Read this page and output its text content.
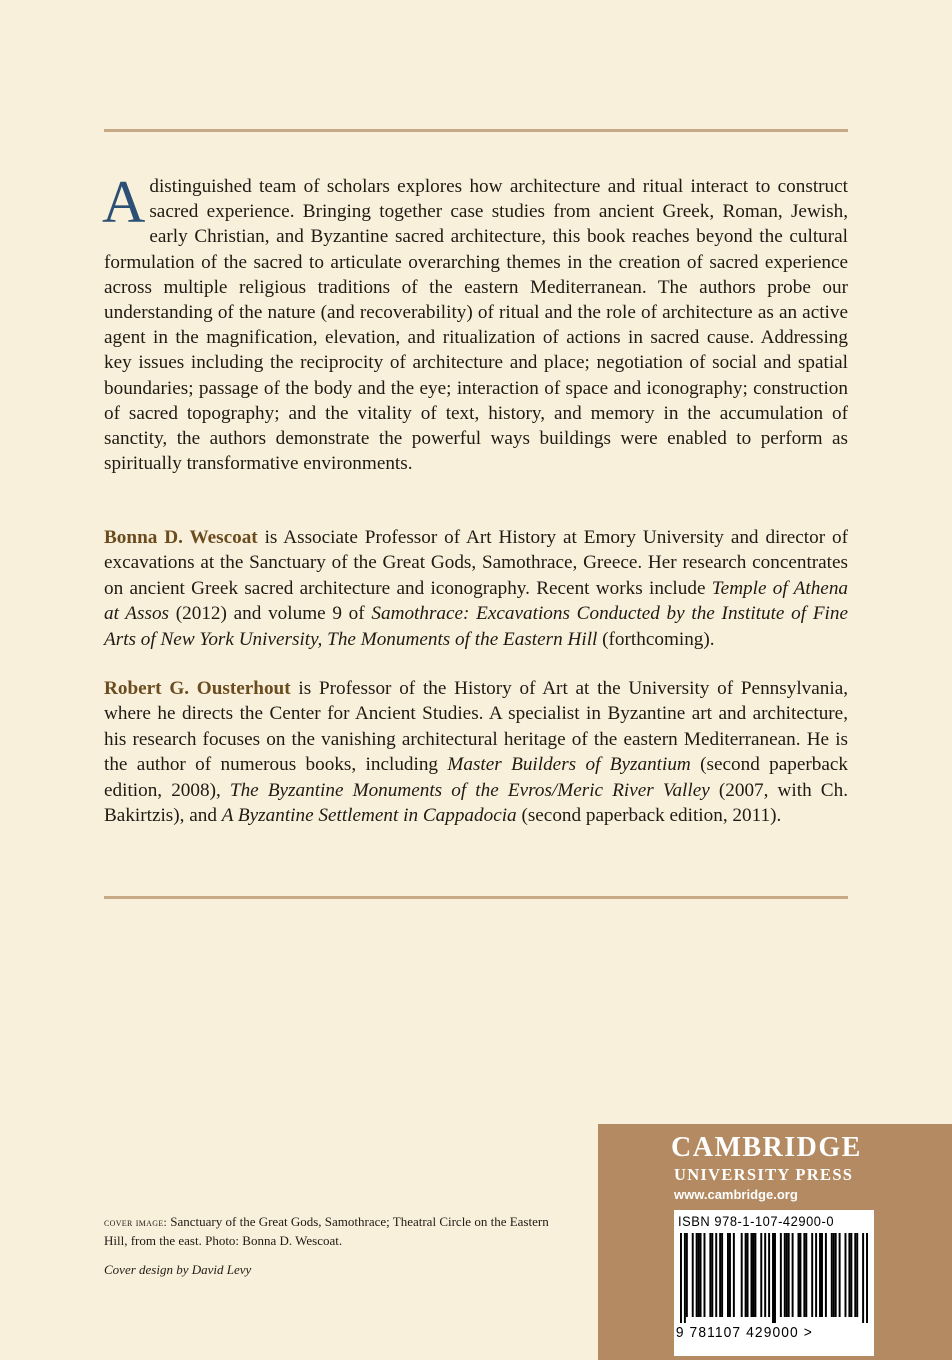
Adistinguished team of scholars explores how architecture and ritual interact to construct sacred experience. Bringing together case studies from ancient Greek, Roman, Jewish, early Christian, and Byzantine sacred architecture, this book reaches beyond the cultural formulation of the sacred to articulate overarching themes in the creation of sacred experience across multiple religious traditions of the eastern Mediterranean. The authors probe our understanding of the nature (and recoverability) of ritual and the role of architecture as an active agent in the magnification, elevation, and ritualization of actions in sacred cause. Addressing key issues including the reciprocity of architecture and place; negotiation of social and spatial boundaries; passage of the body and the eye; interaction of space and iconography; construction of sacred topography; and the vitality of text, history, and memory in the accumulation of sanctity, the authors demonstrate the powerful ways buildings were enabled to perform as spiritually transformative environments.

Bonna D. Wescoat is Associate Professor of Art History at Emory University and director of excavations at the Sanctuary of the Great Gods, Samothrace, Greece. Her research concentrates on ancient Greek sacred architecture and iconography. Recent works include Temple of Athena at Assos (2012) and volume 9 of Samothrace: Excavations Conducted by the Institute of Fine Arts of New York University, The Monuments of the Eastern Hill (forthcoming).

Robert G. Ousterhout is Professor of the History of Art at the University of Pennsylvania, where he directs the Center for Ancient Studies. A specialist in Byzantine art and architecture, his research focuses on the vanishing architectural heritage of the eastern Mediterranean. He is the author of numerous books, including Master Builders of Byzantium (second paperback edition, 2008), The Byzantine Monuments of the Evros/Meric River Valley (2007, with Ch. Bakirtzis), and A Byzantine Settlement in Cappadocia (second paperback edition, 2011).

cover image: Sanctuary of the Great Gods, Samothrace; Theatral Circle on the Eastern Hill, from the east. Photo: Bonna D. Wescoat.

Cover design by David Levy

CAMBRIDGE

UNIVERSITY PRESS

www.cambridge.org

ISBN 978-1-107-42900-0

9 781107 429000 >
